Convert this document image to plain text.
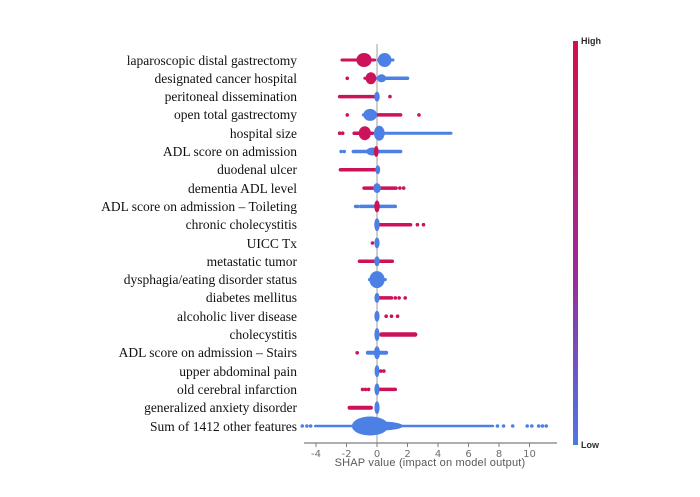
laparoscopic distal gastrectomy
designated cancer hospital
peritoneal dissemination
open total gastrectomy
hospital size
ADL score on admission
duodenal ulcer
dementia ADL level
ADL score on admission – Toileting
chronic cholecystitis
UICC Tx
metastatic tumor
dysphagia/eating disorder status
diabetes mellitus
alcoholic liver disease
cholecystitis
ADL score on admission – Stairs
upper abdominal pain
old cerebral infarction
generalized anxiety disorder
Sum of 1412 other features
-4 -2 0 2 4 6 8 10
SHAP value (impact on model output)
High
Low
